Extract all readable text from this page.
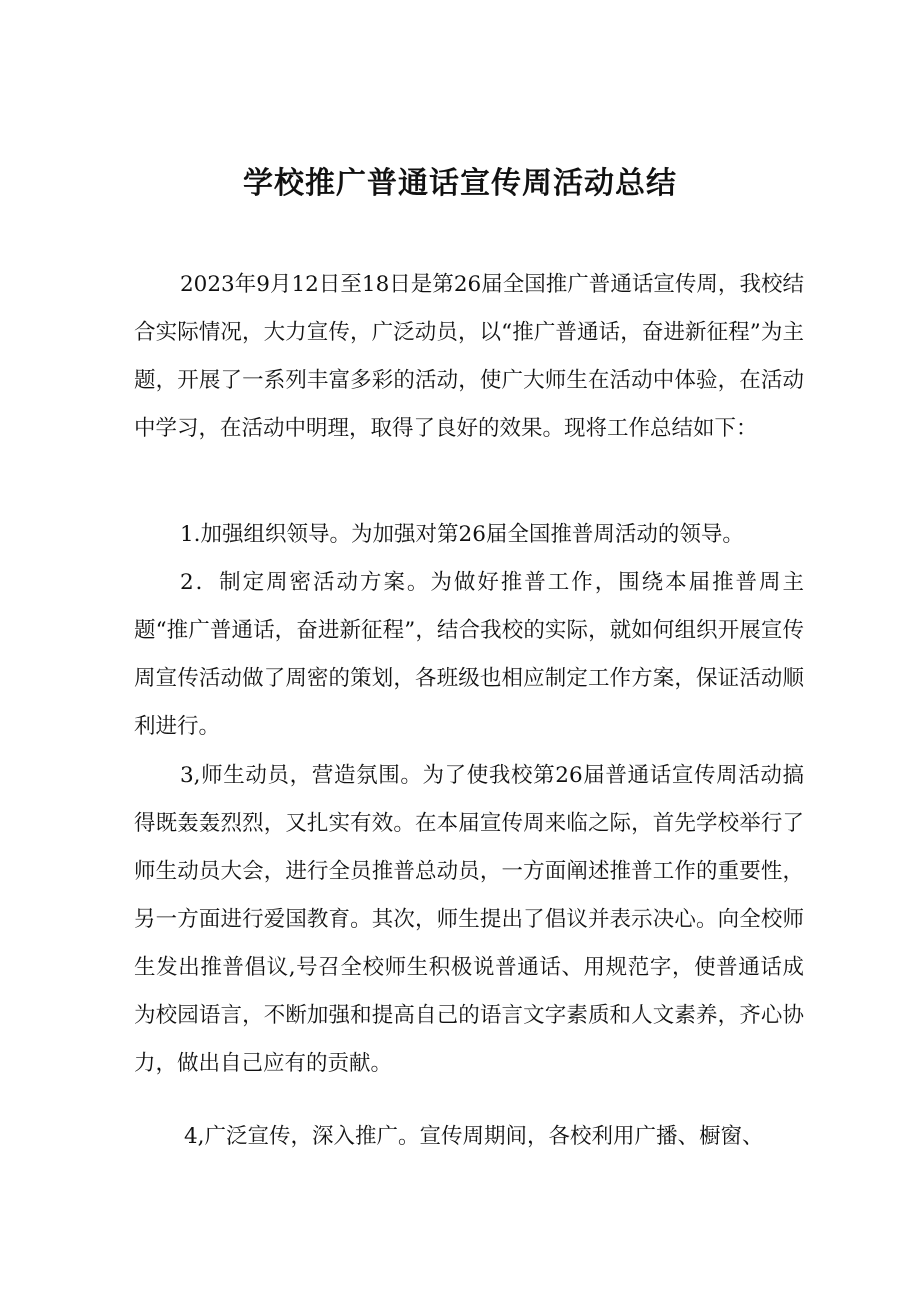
学校推广普通话宣传周活动总结

2023年9月12日至18日是第26届全国推广普通话宣传周，我校结合实际情况，大力宣传，广泛动员，以“推广普通话，奋进新征程”为主题，开展了一系列丰富多彩的活动，使广大师生在活动中体验，在活动中学习，在活动中明理，取得了良好的效果。现将工作总结如下：

1.加强组织领导。为加强对第26届全国推普周活动的领导。

2．制定周密活动方案。为做好推普工作，围绕本届推普周主题“推广普通话，奋进新征程”，结合我校的实际，就如何组织开展宣传周宣传活动做了周密的策划，各班级也相应制定工作方案，保证活动顺利进行。

3,师生动员，营造氛围。为了使我校第26届普通话宣传周活动搞得既轰轰烈烈，又扎实有效。在本届宣传周来临之际，首先学校举行了师生动员大会，进行全员推普总动员，一方面阐述推普工作的重要性，另一方面进行爱国教育。其次，师生提出了倡议并表示决心。向全校师生发出推普倡议,号召全校师生积极说普通话、用规范字，使普通话成为校园语言，不断加强和提高自己的语言文字素质和人文素养，齐心协力，做出自己应有的贡献。

4,广泛宣传，深入推广。宣传周期间，各校利用广播、橱窗、
